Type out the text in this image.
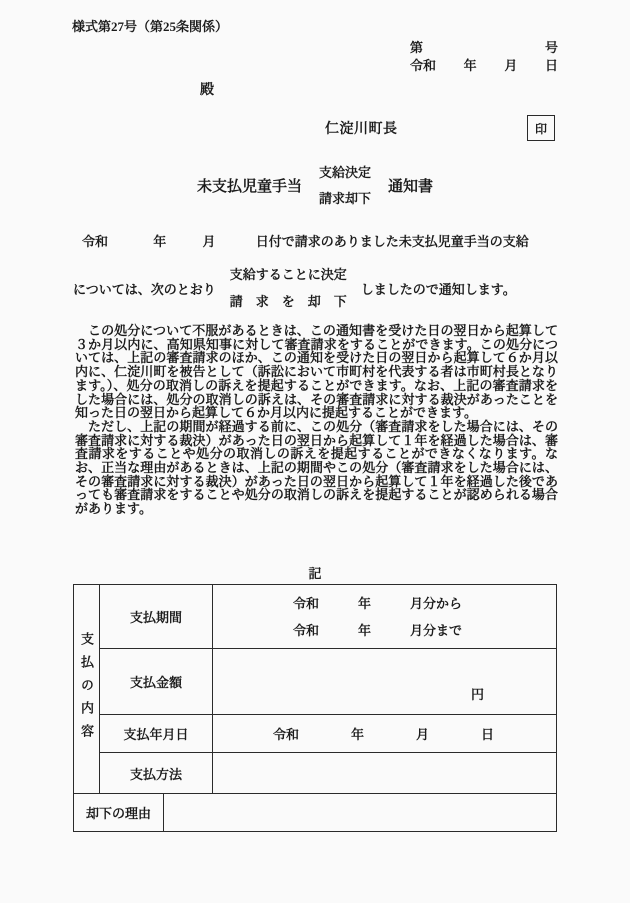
様式第27号（第25条関係）
第	号
令和 年 月 日
殿
仁淀川町長	印
未支払児童手当
支給決定
請求却下
通知書
令和	年	月	日付で請求のありました未支払児童手当の支給
については、次のとおり
支給することに決定
請　求　を　却　下
しましたので通知します。

この処分について不服があるときは、この通知書を受けた日の翌日から起算して３か月以内に、高知県知事に対して審査請求をすることができます。この処分については、上記の審査請求のほか、この通知を受けた日の翌日から起算して６か月以内に、仁淀川町を被告として（訴訟において市町村を代表する者は市町村長となります。）、処分の取消しの訴えを提起することができます。なお、上記の審査請求をした場合には、処分の取消しの訴えは、その審査請求に対する裁決があったことを知った日の翌日から起算して６か月以内に提起することができます。

ただし、上記の期間が経過する前に、この処分（審査請求をした場合には、その審査請求に対する裁決）があった日の翌日から起算して１年を経過した場合は、審査請求をすることや処分の取消しの訴えを提起することができなくなります。なお、正当な理由があるときは、上記の期間やこの処分（審査請求をした場合には、その審査請求に対する裁決）があった日の翌日から起算して１年を経過した後であっても審査請求をすることや処分の取消しの訴えを提起することが認められる場合があります。

記
支払の内容	支払期間		令和　　　年　　　月分から
令和　　　年　　　月分まで

	支払金額		円
	支払年月日		令和　　　　年　　　　月　　　　日
	支払方法		
却下の理由			
